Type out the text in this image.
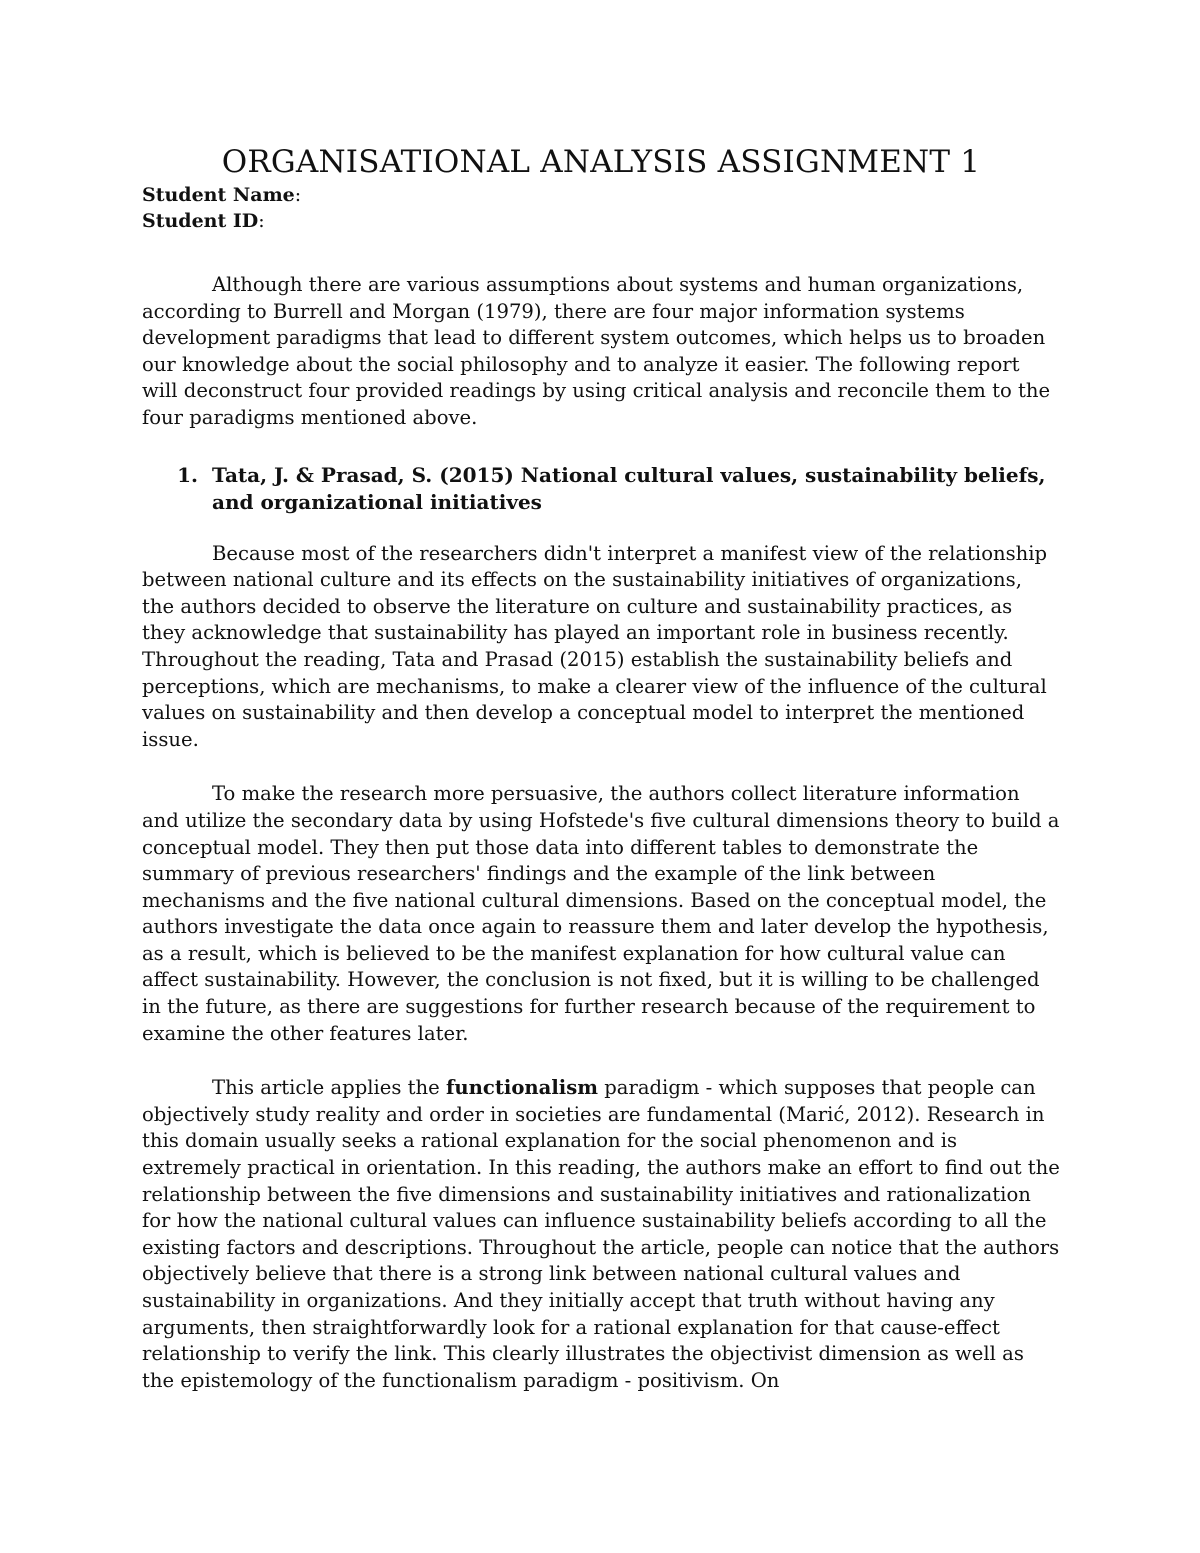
ORGANISATIONAL ANALYSIS ASSIGNMENT 1

Student Name:

Student ID:

Although there are various assumptions about systems and human organizations, according to Burrell and Morgan (1979), there are four major information systems development paradigms that lead to different system outcomes, which helps us to broaden our knowledge about the social philosophy and to analyze it easier. The following report will deconstruct four provided readings by using critical analysis and reconcile them to the four paradigms mentioned above.

1. Tata, J. & Prasad, S. (2015) National cultural values, sustainability beliefs, and organizational initiatives

Because most of the researchers didn't interpret a manifest view of the relationship between national culture and its effects on the sustainability initiatives of organizations, the authors decided to observe the literature on culture and sustainability practices, as they acknowledge that sustainability has played an important role in business recently. Throughout the reading, Tata and Prasad (2015) establish the sustainability beliefs and perceptions, which are mechanisms, to make a clearer view of the influence of the cultural values on sustainability and then develop a conceptual model to interpret the mentioned issue.

To make the research more persuasive, the authors collect literature information and utilize the secondary data by using Hofstede's five cultural dimensions theory to build a conceptual model. They then put those data into different tables to demonstrate the summary of previous researchers' findings and the example of the link between mechanisms and the five national cultural dimensions. Based on the conceptual model, the authors investigate the data once again to reassure them and later develop the hypothesis, as a result, which is believed to be the manifest explanation for how cultural value can affect sustainability. However, the conclusion is not fixed, but it is willing to be challenged in the future, as there are suggestions for further research because of the requirement to examine the other features later.

This article applies the functionalism paradigm - which supposes that people can objectively study reality and order in societies are fundamental (Marić, 2012). Research in this domain usually seeks a rational explanation for the social phenomenon and is extremely practical in orientation. In this reading, the authors make an effort to find out the relationship between the five dimensions and sustainability initiatives and rationalization for how the national cultural values can influence sustainability beliefs according to all the existing factors and descriptions. Throughout the article, people can notice that the authors objectively believe that there is a strong link between national cultural values and sustainability in organizations. And they initially accept that truth without having any arguments, then straightforwardly look for a rational explanation for that cause-effect relationship to verify the link. This clearly illustrates the objectivist dimension as well as the epistemology of the functionalism paradigm - positivism. On
